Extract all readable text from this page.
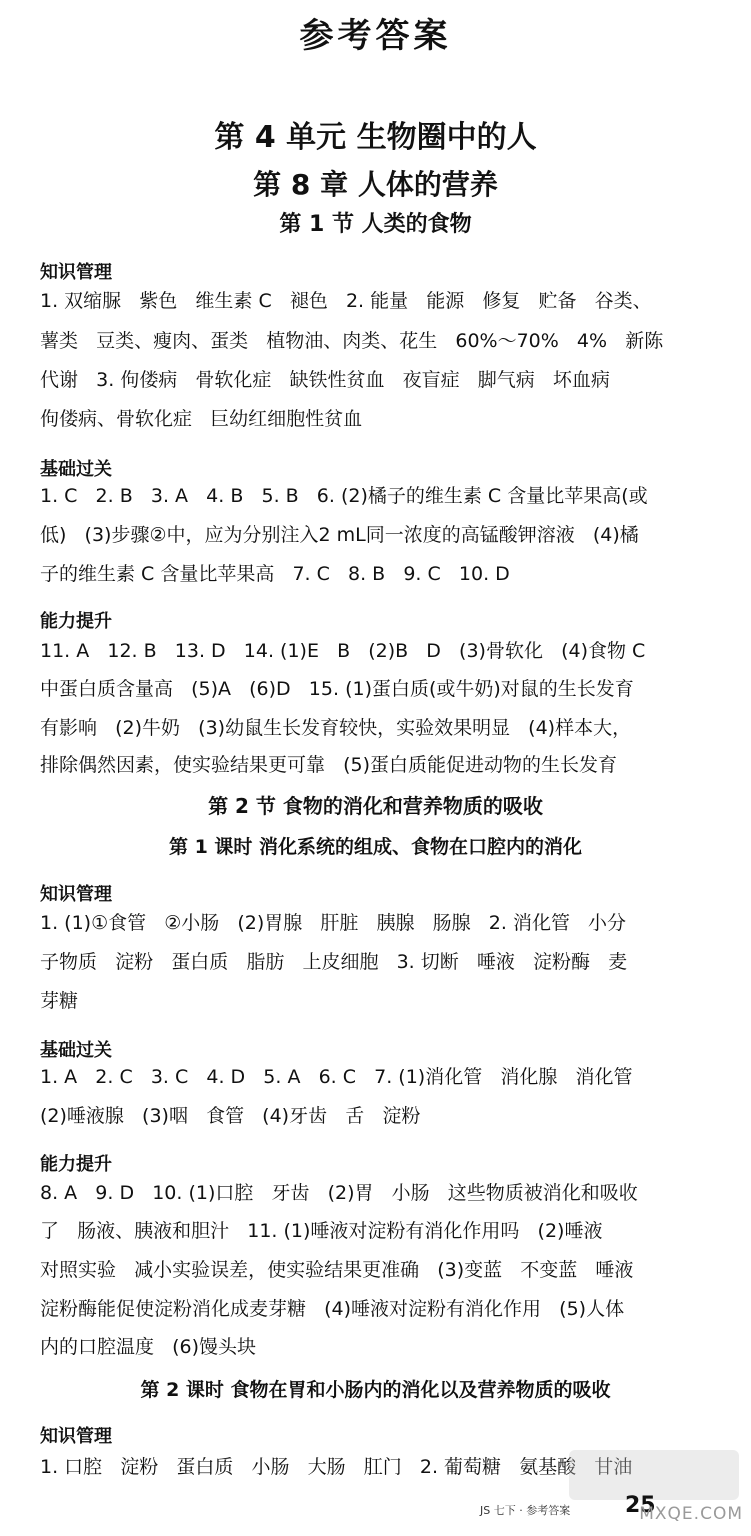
参考答案
第 4 单元 生物圈中的人
第 8 章 人体的营养
第 1 节 人类的食物
知识管理
1. 双缩脲   紫色   维生素 C   褪色   2. 能量   能源   修复   贮备   谷类、
薯类   豆类、瘦肉、蛋类   植物油、肉类、花生   60%～70%   4%   新陈
代谢   3. 佝偻病   骨软化症   缺铁性贫血   夜盲症   脚气病   坏血病
佝偻病、骨软化症   巨幼红细胞性贫血
基础过关
1. C   2. B   3. A   4. B   5. B   6. (2)橘子的维生素 C 含量比苹果高(或
低)   (3)步骤②中，应为分别注入2 mL同一浓度的高锰酸钾溶液   (4)橘
子的维生素 C 含量比苹果高   7. C   8. B   9. C   10. D
能力提升
11. A   12. B   13. D   14. (1)E   B   (2)B   D   (3)骨软化   (4)食物 C
中蛋白质含量高   (5)A   (6)D   15. (1)蛋白质(或牛奶)对鼠的生长发育
有影响   (2)牛奶   (3)幼鼠生长发育较快，实验效果明显   (4)样本大，
排除偶然因素，使实验结果更可靠   (5)蛋白质能促进动物的生长发育
第 2 节 食物的消化和营养物质的吸收
第 1 课时 消化系统的组成、食物在口腔内的消化
知识管理
1. (1)①食管   ②小肠   (2)胃腺   肝脏   胰腺   肠腺   2. 消化管   小分
子物质   淀粉   蛋白质   脂肪   上皮细胞   3. 切断   唾液   淀粉酶   麦
芽糖
基础过关
1. A   2. C   3. C   4. D   5. A   6. C   7. (1)消化管   消化腺   消化管
(2)唾液腺   (3)咽   食管   (4)牙齿   舌   淀粉
能力提升
8. A   9. D   10. (1)口腔   牙齿   (2)胃   小肠   这些物质被消化和吸收
了   肠液、胰液和胆汁   11. (1)唾液对淀粉有消化作用吗   (2)唾液
对照实验   减小实验误差，使实验结果更准确   (3)变蓝   不变蓝   唾液
淀粉酶能促使淀粉消化成麦芽糖   (4)唾液对淀粉有消化作用   (5)人体
内的口腔温度   (6)馒头块
第 2 课时 食物在胃和小肠内的消化以及营养物质的吸收
知识管理
1. 口腔   淀粉   蛋白质   小肠   大肠   肛门   2. 葡萄糖   氨基酸   甘油
JS 七下 · 参考答案 25
MXQE.COM
